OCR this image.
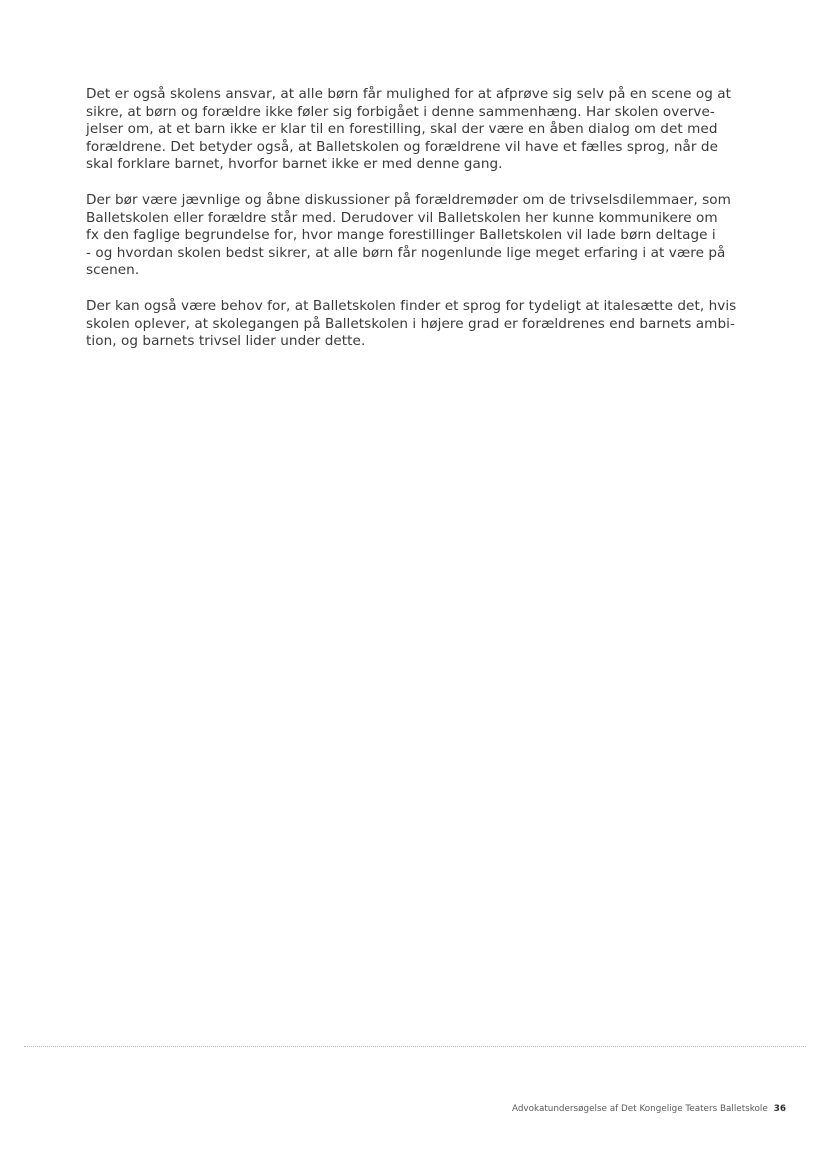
Det er også skolens ansvar, at alle børn får mulighed for at afprøve sig selv på en scene og at
sikre, at børn og forældre ikke føler sig forbigået i denne sammenhæng. Har skolen overve-
jelser om, at et barn ikke er klar til en forestilling, skal der være en åben dialog om det med
forældrene. Det betyder også, at Balletskolen og forældrene vil have et fælles sprog, når de
skal forklare barnet, hvorfor barnet ikke er med denne gang.

Der bør være jævnlige og åbne diskussioner på forældremøder om de trivselsdilemmaer, som
Balletskolen eller forældre står med. Derudover vil Balletskolen her kunne kommunikere om
fx den faglige begrundelse for, hvor mange forestillinger Balletskolen vil lade børn deltage i
- og hvordan skolen bedst sikrer, at alle børn får nogenlunde lige meget erfaring i at være på
scenen.

Der kan også være behov for, at Balletskolen finder et sprog for tydeligt at italesætte det, hvis
skolen oplever, at skolegangen på Balletskolen i højere grad er forældrenes end barnets ambi-
tion, og barnets trivsel lider under dette.

Advokatundersøgelse af Det Kongelige Teaters Balletskole 36
